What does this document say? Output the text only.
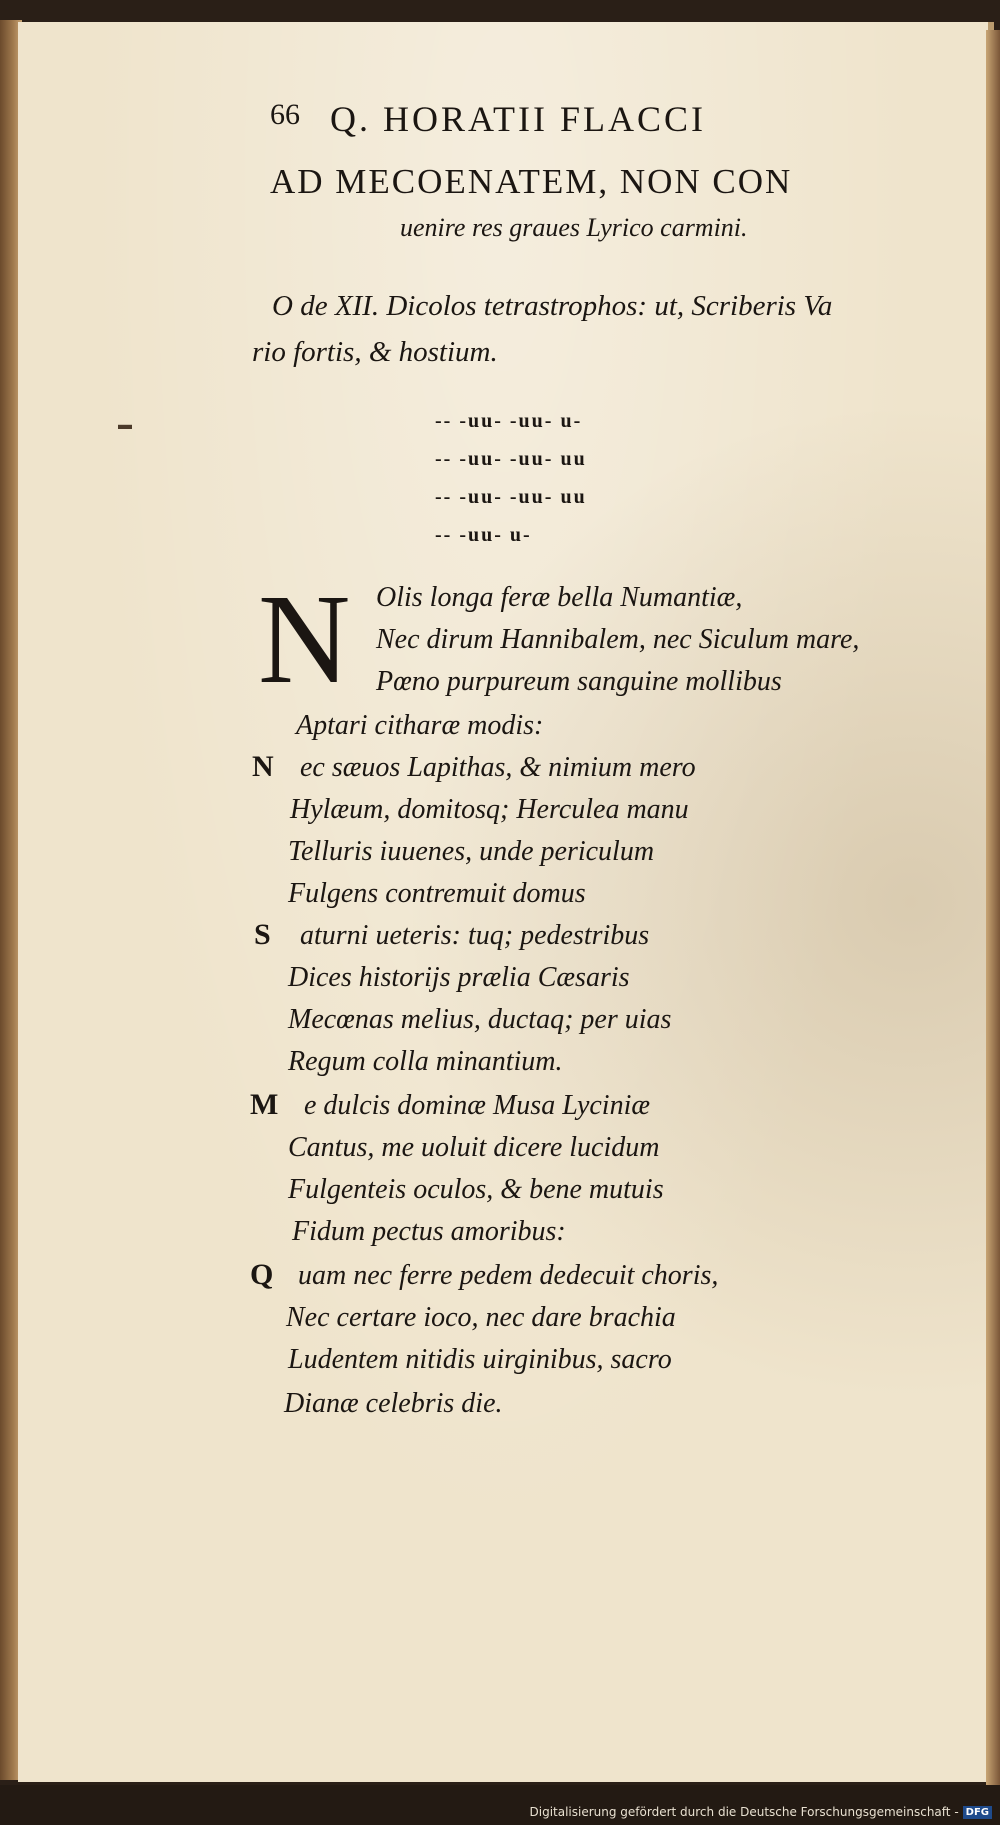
66 Q. HORATII FLACCI
AD MECOENATEM, NON CON
uenire res graues Lyrico carmini.
O de XII. Dicolos tetrastrophos: ut, Scriberis Va
rio fortis, & hostium.
▬	-- -uu- -uu- u-
-- -uu- -uu- uu
-- -uu- -uu- uu
-- -uu- u-
N Olis longa feræ bella Numantiæ,
Nec dirum Hannibalem, nec Siculum mare,
Pœno purpureum sanguine mollibus
Aptari citharæ modis:
N ec sæuos Lapithas, & nimium mero
Hylæum, domitosq; Herculea manu
Telluris iuuenes, unde periculum
Fulgens contremuit domus
S aturni ueteris: tuq; pedestribus
Dices historijs prælia Cæsaris
Mecœnas melius, ductaq; per uias
Regum colla minantium.
M e dulcis dominæ Musa Lyciniæ
Cantus, me uoluit dicere lucidum
Fulgenteis oculos, & bene mutuis
Fidum pectus amoribus:
Q uam nec ferre pedem dedecuit choris,
Nec certare ioco, nec dare brachia
Ludentem nitidis uirginibus, sacro
Dianæ celebris die.
Digitalisierung gefördert durch die Deutsche Forschungsgemeinschaft - DFG
